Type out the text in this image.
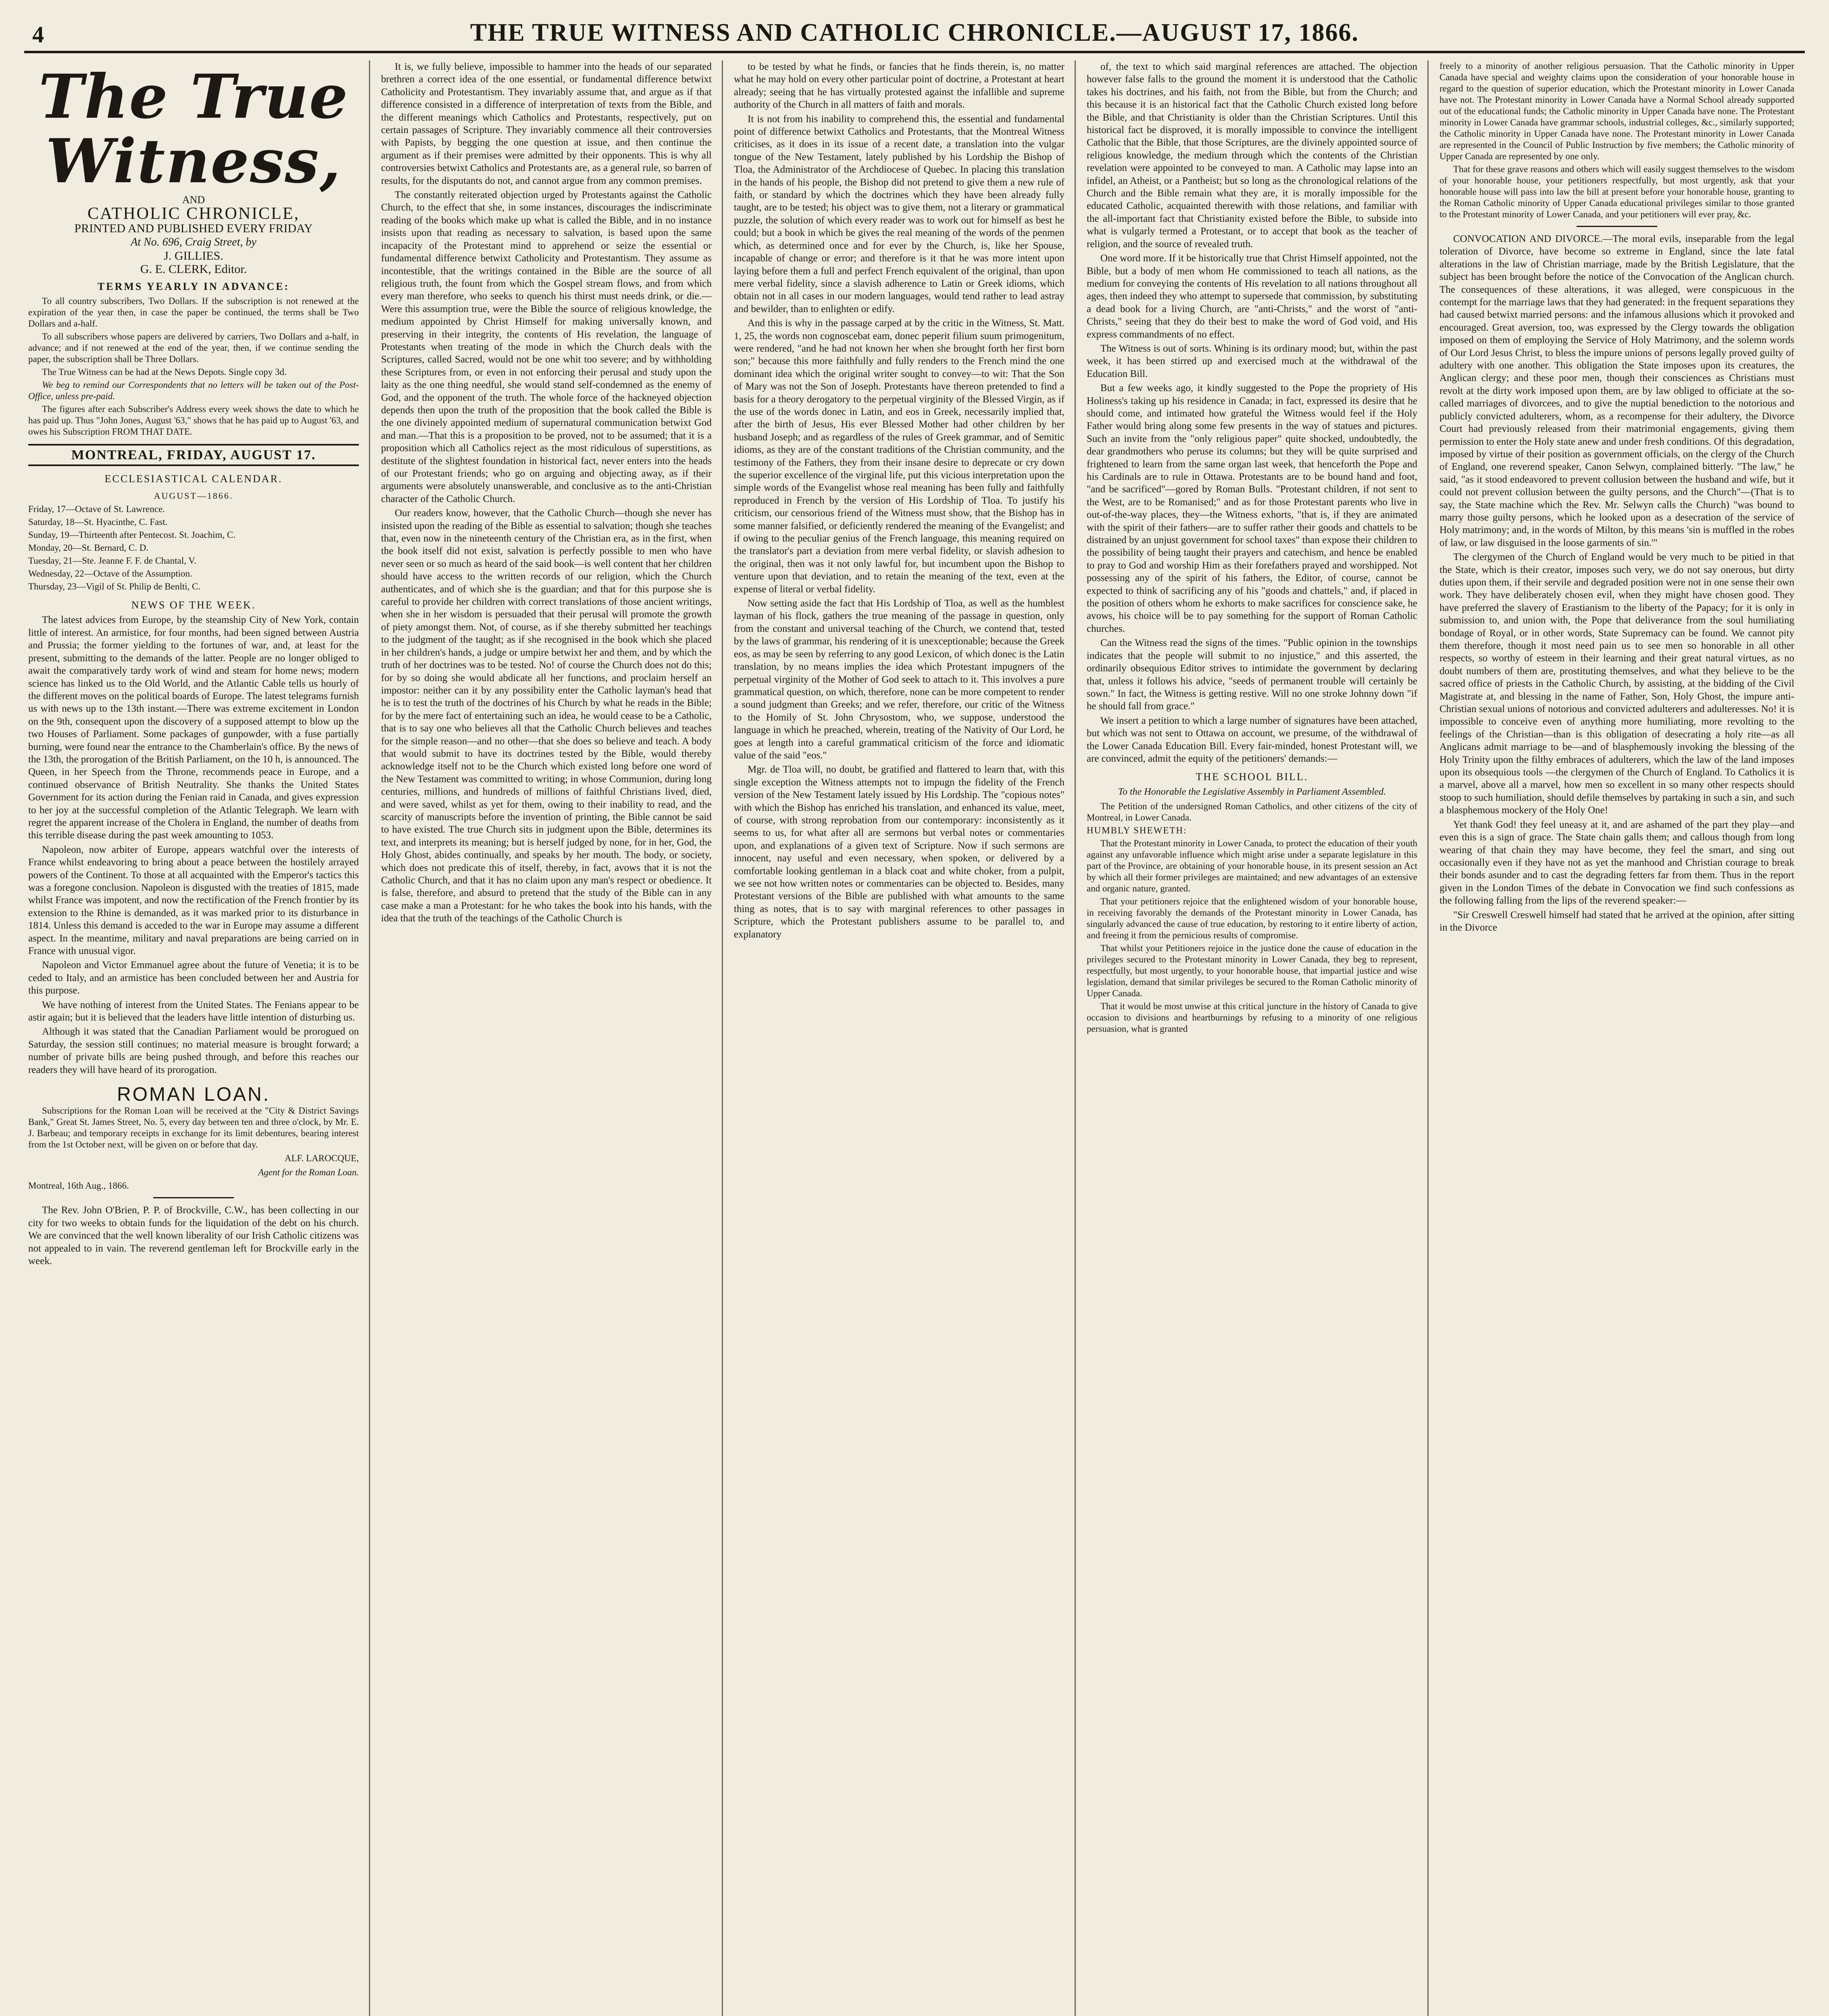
4	THE TRUE WITNESS AND CATHOLIC CHRONICLE.—AUGUST 17, 1866.
The True Witness,
AND
CATHOLIC CHRONICLE,
PRINTED AND PUBLISHED EVERY FRIDAY
At No. 696, Craig Street, by
J. GILLIES.
G. E. CLERK, Editor.
TERMS YEARLY IN ADVANCE:

To all country subscribers, Two Dollars. If the subscription is not renewed at the expiration of the year then, in case the paper be continued, the terms shall be Two Dollars and a-half.

To all subscribers whose papers are delivered by carriers, Two Dollars and a-half, in advance; and if not renewed at the end of the year, then, if we continue sending the paper, the subscription shall be Three Dollars.

The True Witness can be had at the News Depots. Single copy 3d.

We beg to remind our Correspondents that no letters will be taken out of the Post-Office, unless pre-paid.

The figures after each Subscriber's Address every week shows the date to which he has paid up. Thus "John Jones, August '63," shows that he has paid up to August '63, and owes his Subscription FROM THAT DATE.

MONTREAL, FRIDAY, AUGUST 17.
ECCLESIASTICAL CALENDAR.
AUGUST—1866.

Friday, 17—Octave of St. Lawrence.

Saturday, 18—St. Hyacinthe, C. Fast.

Sunday, 19—Thirteenth after Pentecost. St. Joachim, C.

Monday, 20—St. Bernard, C. D.

Tuesday, 21—Ste. Jeanne F. F. de Chantal, V.

Wednesday, 22—Octave of the Assumption.

Thursday, 23—Vigil of St. Philip de Benlti, C.

NEWS OF THE WEEK.

The latest advices from Europe, by the steamship City of New York, contain little of interest. An armistice, for four months, had been signed between Austria and Prussia; the former yielding to the fortunes of war, and, at least for the present, submitting to the demands of the latter. People are no longer obliged to await the comparatively tardy work of wind and steam for home news; modern science has linked us to the Old World, and the Atlantic Cable tells us hourly of the different moves on the political boards of Europe. The latest telegrams furnish us with news up to the 13th instant.—There was extreme excitement in London on the 9th, consequent upon the discovery of a supposed attempt to blow up the two Houses of Parliament. Some packages of gunpowder, with a fuse partially burning, were found near the entrance to the Chamberlain's office. By the news of the 13th, the prorogation of the British Parliament, on the 10 h, is announced. The Queen, in her Speech from the Throne, recommends peace in Europe, and a continued observance of British Neutrality. She thanks the United States Government for its action during the Fenian raid in Canada, and gives expression to her joy at the successful completion of the Atlantic Telegraph. We learn with regret the apparent increase of the Cholera in England, the number of deaths from this terrible disease during the past week amounting to 1053.

Napoleon, now arbiter of Europe, appears watchful over the interests of France whilst endeavoring to bring about a peace between the hostilely arrayed powers of the Continent. To those at all acquainted with the Emperor's tactics this was a foregone conclusion. Napoleon is disgusted with the treaties of 1815, made whilst France was impotent, and now the rectification of the French frontier by its extension to the Rhine is demanded, as it was marked prior to its disturbance in 1814. Unless this demand is acceded to the war in Europe may assume a different aspect. In the meantime, military and naval preparations are being carried on in France with unusual vigor.

Napoleon and Victor Emmanuel agree about the future of Venetia; it is to be ceded to Italy, and an armistice has been concluded between her and Austria for this purpose.

We have nothing of interest from the United States. The Fenians appear to be astir again; but it is believed that the leaders have little intention of disturbing us.

Although it was stated that the Canadian Parliament would be prorogued on Saturday, the session still continues; no material measure is brought forward; a number of private bills are being pushed through, and before this reaches our readers they will have heard of its prorogation.

ROMAN LOAN.

Subscriptions for the Roman Loan will be received at the "City & District Savings Bank," Great St. James Street, No. 5, every day between ten and three o'clock, by Mr. E. J. Barbeau; and temporary receipts in exchange for its limit debentures, bearing interest from the 1st October next, will be given on or before that day.

ALF. LAROCQUE,

Agent for the Roman Loan.

Montreal, 16th Aug., 1866.

The Rev. John O'Brien, P. P. of Brockville, C.W., has been collecting in our city for two weeks to obtain funds for the liquidation of the debt on his church. We are convinced that the well known liberality of our Irish Catholic citizens was not appealed to in vain. The reverend gentleman left for Brockville early in the week.

It is, we fully believe, impossible to hammer into the heads of our separated brethren a correct idea of the one essential, or fundamental difference betwixt Catholicity and Protestantism. They invariably assume that, and argue as if that difference consisted in a difference of interpretation of texts from the Bible, and the different meanings which Catholics and Protestants, respectively, put on certain passages of Scripture. They invariably commence all their controversies with Papists, by begging the one question at issue, and then continue the argument as if their premises were admitted by their opponents. This is why all controversies betwixt Catholics and Protestants are, as a general rule, so barren of results, for the disputants do not, and cannot argue from any common premises.

The constantly reiterated objection urged by Protestants against the Catholic Church, to the effect that she, in some instances, discourages the indiscriminate reading of the books which make up what is called the Bible, and in no instance insists upon that reading as necessary to salvation, is based upon the same incapacity of the Protestant mind to apprehend or seize the essential or fundamental difference betwixt Catholicity and Protestantism. They assume as incontestible, that the writings contained in the Bible are the source of all religious truth, the fount from which the Gospel stream flows, and from which every man therefore, who seeks to quench his thirst must needs drink, or die.—Were this assumption true, were the Bible the source of religious knowledge, the medium appointed by Christ Himself for making universally known, and preserving in their integrity, the contents of His revelation, the language of Protestants when treating of the mode in which the Church deals with the Scriptures, called Sacred, would not be one whit too severe; and by withholding these Scriptures from, or even in not enforcing their perusal and study upon the laity as the one thing needful, she would stand self-condemned as the enemy of God, and the opponent of the truth. The whole force of the hackneyed objection depends then upon the truth of the proposition that the book called the Bible is the one divinely appointed medium of supernatural communication betwixt God and man.—That this is a proposition to be proved, not to be assumed; that it is a proposition which all Catholics reject as the most ridiculous of superstitions, as destitute of the slightest foundation in historical fact, never enters into the heads of our Protestant friends; who go on arguing and objecting away, as if their arguments were absolutely unanswerable, and conclusive as to the anti-Christian character of the Catholic Church.

Our readers know, however, that the Catholic Church—though she never has insisted upon the reading of the Bible as essential to salvation; though she teaches that, even now in the nineteenth century of the Christian era, as in the first, when the book itself did not exist, salvation is perfectly possible to men who have never seen or so much as heard of the said book—is well content that her children should have access to the written records of our religion, which the Church authenticates, and of which she is the guardian; and that for this purpose she is careful to provide her children with correct translations of those ancient writings, when she in her wisdom is persuaded that their perusal will promote the growth of piety amongst them. Not, of course, as if she thereby submitted her teachings to the judgment of the taught; as if she recognised in the book which she placed in her children's hands, a judge or umpire betwixt her and them, and by which the truth of her doctrines was to be tested. No! of course the Church does not do this; for by so doing she would abdicate all her functions, and proclaim herself an impostor: neither can it by any possibility enter the Catholic layman's head that he is to test the truth of the doctrines of his Church by what he reads in the Bible; for by the mere fact of entertaining such an idea, he would cease to be a Catholic, that is to say one who believes all that the Catholic Church believes and teaches for the simple reason—and no other—that she does so believe and teach. A body that would submit to have its doctrines tested by the Bible, would thereby acknowledge itself not to be the Church which existed long before one word of the New Testament was committed to writing; in whose Communion, during long centuries, millions, and hundreds of millions of faithful Christians lived, died, and were saved, whilst as yet for them, owing to their inability to read, and the scarcity of manuscripts before the invention of printing, the Bible cannot be said to have existed. The true Church sits in judgment upon the Bible, determines its text, and interprets its meaning; but is herself judged by none, for in her, God, the Holy Ghost, abides continually, and speaks by her mouth. The body, or society, which does not predicate this of itself, thereby, in fact, avows that it is not the Catholic Church, and that it has no claim upon any man's respect or obedience. It is false, therefore, and absurd to pretend that the study of the Bible can in any case make a man a Protestant: for he who takes the book into his hands, with the idea that the truth of the teachings of the Catholic Church is

to be tested by what he finds, or fancies that he finds therein, is, no matter what he may hold on every other particular point of doctrine, a Protestant at heart already; seeing that he has virtually protested against the infallible and supreme authority of the Church in all matters of faith and morals.

It is not from his inability to comprehend this, the essential and fundamental point of difference betwixt Catholics and Protestants, that the Montreal Witness criticises, as it does in its issue of a recent date, a translation into the vulgar tongue of the New Testament, lately published by his Lordship the Bishop of Tloa, the Administrator of the Archdiocese of Quebec. In placing this translation in the hands of his people, the Bishop did not pretend to give them a new rule of faith, or standard by which the doctrines which they have been already fully taught, are to be tested; his object was to give them, not a literary or grammatical puzzle, the solution of which every reader was to work out for himself as best he could; but a book in which be gives the real meaning of the words of the penmen which, as determined once and for ever by the Church, is, like her Spouse, incapable of change or error; and therefore is it that he was more intent upon laying before them a full and perfect French equivalent of the original, than upon mere verbal fidelity, since a slavish adherence to Latin or Greek idioms, which obtain not in all cases in our modern languages, would tend rather to lead astray and bewilder, than to enlighten or edify.

And this is why in the passage carped at by the critic in the Witness, St. Matt. 1, 25, the words non cognoscebat eam, donec peperit filium suum primogenitum, were rendered, "and he had not known her when she brought forth her first born son;" because this more faithfully and fully renders to the French mind the one dominant idea which the original writer sought to convey—to wit: That the Son of Mary was not the Son of Joseph. Protestants have thereon pretended to find a basis for a theory derogatory to the perpetual virginity of the Blessed Virgin, as if the use of the words donec in Latin, and eos in Greek, necessarily implied that, after the birth of Jesus, His ever Blessed Mother had other children by her husband Joseph; and as regardless of the rules of Greek grammar, and of Semitic idioms, as they are of the constant traditions of the Christian community, and the testimony of the Fathers, they from their insane desire to deprecate or cry down the superior excellence of the virginal life, put this vicious interpretation upon the simple words of the Evangelist whose real meaning has been fully and faithfully reproduced in French by the version of His Lordship of Tloa. To justify his criticism, our censorious friend of the Witness must show, that the Bishop has in some manner falsified, or deficiently rendered the meaning of the Evangelist; and if owing to the peculiar genius of the French language, this meaning required on the translator's part a deviation from mere verbal fidelity, or slavish adhesion to the original, then was it not only lawful for, but incumbent upon the Bishop to venture upon that deviation, and to retain the meaning of the text, even at the expense of literal or verbal fidelity.

Now setting aside the fact that His Lordship of Tloa, as well as the humblest layman of his flock, gathers the true meaning of the passage in question, only from the constant and universal teaching of the Church, we contend that, tested by the laws of grammar, his rendering of it is unexceptionable; because the Greek eos, as may be seen by referring to any good Lexicon, of which donec is the Latin translation, by no means implies the idea which Protestant impugners of the perpetual virginity of the Mother of God seek to attach to it. This involves a pure grammatical question, on which, therefore, none can be more competent to render a sound judgment than Greeks; and we refer, therefore, our critic of the Witness to the Homily of St. John Chrysostom, who, we suppose, understood the language in which he preached, wherein, treating of the Nativity of Our Lord, he goes at length into a careful grammatical criticism of the force and idiomatic value of the said "eos."

Mgr. de Tloa will, no doubt, be gratified and flattered to learn that, with this single exception the Witness attempts not to impugn the fidelity of the French version of the New Testament lately issued by His Lordship. The "copious notes" with which the Bishop has enriched his translation, and enhanced its value, meet, of course, with strong reprobation from our contemporary: inconsistently as it seems to us, for what after all are sermons but verbal notes or commentaries upon, and explanations of a given text of Scripture. Now if such sermons are innocent, nay useful and even necessary, when spoken, or delivered by a comfortable looking gentleman in a black coat and white choker, from a pulpit, we see not how written notes or commentaries can be objected to. Besides, many Protestant versions of the Bible are published with what amounts to the same thing as notes, that is to say with marginal references to other passages in Scripture, which the Protestant publishers assume to be parallel to, and explanatory

of, the text to which said marginal references are attached. The objection however false falls to the ground the moment it is understood that the Catholic takes his doctrines, and his faith, not from the Bible, but from the Church; and this because it is an historical fact that the Catholic Church existed long before the Bible, and that Christianity is older than the Christian Scriptures. Until this historical fact be disproved, it is morally impossible to convince the intelligent Catholic that the Bible, that those Scriptures, are the divinely appointed source of religious knowledge, the medium through which the contents of the Christian revelation were appointed to be conveyed to man. A Catholic may lapse into an infidel, an Atheist, or a Pantheist; but so long as the chronological relations of the Church and the Bible remain what they are, it is morally impossible for the educated Catholic, acquainted therewith with those relations, and familiar with the all-important fact that Christianity existed before the Bible, to subside into what is vulgarly termed a Protestant, or to accept that book as the teacher of religion, and the source of revealed truth.

One word more. If it be historically true that Christ Himself appointed, not the Bible, but a body of men whom He commissioned to teach all nations, as the medium for conveying the contents of His revelation to all nations throughout all ages, then indeed they who attempt to supersede that commission, by substituting a dead book for a living Church, are "anti-Christs," and the worst of "anti-Christs," seeing that they do their best to make the word of God void, and His express commandments of no effect.

The Witness is out of sorts. Whining is its ordinary mood; but, within the past week, it has been stirred up and exercised much at the withdrawal of the Education Bill.

But a few weeks ago, it kindly suggested to the Pope the propriety of His Holiness's taking up his residence in Canada; in fact, expressed its desire that he should come, and intimated how grateful the Witness would feel if the Holy Father would bring along some few presents in the way of statues and pictures. Such an invite from the "only religious paper" quite shocked, undoubtedly, the dear grandmothers who peruse its columns; but they will be quite surprised and frightened to learn from the same organ last week, that henceforth the Pope and his Cardinals are to rule in Ottawa. Protestants are to be bound hand and foot, "and be sacrificed"—gored by Roman Bulls. "Protestant children, if not sent to the West, are to be Romanised;" and as for those Protestant parents who live in out-of-the-way places, they—the Witness exhorts, "that is, if they are animated with the spirit of their fathers—are to suffer rather their goods and chattels to be distrained by an unjust government for school taxes" than expose their children to the possibility of being taught their prayers and catechism, and hence be enabled to pray to God and worship Him as their forefathers prayed and worshipped. Not possessing any of the spirit of his fathers, the Editor, of course, cannot be expected to think of sacrificing any of his "goods and chattels," and, if placed in the position of others whom he exhorts to make sacrifices for conscience sake, he avows, his choice will be to pay something for the support of Roman Catholic churches.

Can the Witness read the signs of the times. "Public opinion in the townships indicates that the people will submit to no injustice," and this asserted, the ordinarily obsequious Editor strives to intimidate the government by declaring that, unless it follows his advice, "seeds of permanent trouble will certainly be sown." In fact, the Witness is getting restive. Will no one stroke Johnny down "if he should fall from grace."

We insert a petition to which a large number of signatures have been attached, but which was not sent to Ottawa on account, we presume, of the withdrawal of the Lower Canada Education Bill. Every fair-minded, honest Protestant will, we are convinced, admit the equity of the petitioners' demands:—

THE SCHOOL BILL.
To the Honorable the Legislative Assembly in Parliament Assembled.

The Petition of the undersigned Roman Catholics, and other citizens of the city of Montreal, in Lower Canada.

HUMBLY SHEWETH:

That the Protestant minority in Lower Canada, to protect the education of their youth against any unfavorable influence which might arise under a separate legislature in this part of the Province, are obtaining of your honorable house, in its present session an Act by which all their former privileges are maintained; and new advantages of an extensive and organic nature, granted.

That your petitioners rejoice that the enlightened wisdom of your honorable house, in receiving favorably the demands of the Protestant minority in Lower Canada, has singularly advanced the cause of true education, by restoring to it entire liberty of action, and freeing it from the pernicious results of compromise.

That whilst your Petitioners rejoice in the justice done the cause of education in the privileges secured to the Protestant minority in Lower Canada, they beg to represent, respectfully, but most urgently, to your honorable house, that impartial justice and wise legislation, demand that similar privileges be secured to the Roman Catholic minority of Upper Canada.

That it would be most unwise at this critical juncture in the history of Canada to give occasion to divisions and heartburnings by refusing to a minority of one religious persuasion, what is granted

freely to a minority of another religious persuasion. That the Catholic minority in Upper Canada have special and weighty claims upon the consideration of your honorable house in regard to the question of superior education, which the Protestant minority in Lower Canada have not. The Protestant minority in Lower Canada have a Normal School already supported out of the educational funds; the Catholic minority in Upper Canada have none. The Protestant minority in Lower Canada have grammar schools, industrial colleges, &c., similarly supported; the Catholic minority in Upper Canada have none. The Protestant minority in Lower Canada are represented in the Council of Public Instruction by five members; the Catholic minority of Upper Canada are represented by one only.

That for these grave reasons and others which will easily suggest themselves to the wisdom of your honorable house, your petitioners respectfully, but most urgently, ask that your honorable house will pass into law the bill at present before your honorable house, granting to the Roman Catholic minority of Upper Canada educational privileges similar to those granted to the Protestant minority of Lower Canada, and your petitioners will ever pray, &c.

CONVOCATION AND DIVORCE.—The moral evils, inseparable from the legal toleration of Divorce, have become so extreme in England, since the late fatal alterations in the law of Christian marriage, made by the British Legislature, that the subject has been brought before the notice of the Convocation of the Anglican church. The consequences of these alterations, it was alleged, were conspicuous in the contempt for the marriage laws that they had generated: in the frequent separations they had caused betwixt married persons: and the infamous allusions which it provoked and encouraged. Great aversion, too, was expressed by the Clergy towards the obligation imposed on them of employing the Service of Holy Matrimony, and the solemn words of Our Lord Jesus Christ, to bless the impure unions of persons legally proved guilty of adultery with one another. This obligation the State imposes upon its creatures, the Anglican clergy; and these poor men, though their consciences as Christians must revolt at the dirty work imposed upon them, are by law obliged to officiate at the so-called marriages of divorcees, and to give the nuptial benediction to the notorious and publicly convicted adulterers, whom, as a recompense for their adultery, the Divorce Court had previously released from their matrimonial engagements, giving them permission to enter the Holy state anew and under fresh conditions. Of this degradation, imposed by virtue of their position as government officials, on the clergy of the Church of England, one reverend speaker, Canon Selwyn, complained bitterly. "The law," he said, "as it stood endeavored to prevent collusion between the husband and wife, but it could not prevent collusion between the guilty persons, and the Church"—(That is to say, the State machine which the Rev. Mr. Selwyn calls the Church) "was bound to marry those guilty persons, which he looked upon as a desecration of the service of Holy matrimony; and, in the words of Milton, by this means 'sin is muffled in the robes of law, or law disguised in the loose garments of sin.'"

The clergymen of the Church of England would be very much to be pitied in that the State, which is their creator, imposes such very, we do not say onerous, but dirty duties upon them, if their servile and degraded position were not in one sense their own work. They have deliberately chosen evil, when they might have chosen good. They have preferred the slavery of Erastianism to the liberty of the Papacy; for it is only in submission to, and union with, the Pope that deliverance from the soul humiliating bondage of Royal, or in other words, State Supremacy can be found. We cannot pity them therefore, though it most need pain us to see men so honorable in all other respects, so worthy of esteem in their learning and their great natural virtues, as no doubt numbers of them are, prostituting themselves, and what they believe to be the sacred office of priests in the Catholic Church, by assisting, at the bidding of the Civil Magistrate at, and blessing in the name of Father, Son, Holy Ghost, the impure anti-Christian sexual unions of notorious and convicted adulterers and adulteresses. No! it is impossible to conceive even of anything more humiliating, more revolting to the feelings of the Christian—than is this obligation of desecrating a holy rite—as all Anglicans admit marriage to be—and of blasphemously invoking the blessing of the Holy Trinity upon the filthy embraces of adulterers, which the law of the land imposes upon its obsequious tools —the clergymen of the Church of England. To Catholics it is a marvel, above all a marvel, how men so excellent in so many other respects should stoop to such humiliation, should defile themselves by partaking in such a sin, and such a blasphemous mockery of the Holy One!

Yet thank God! they feel uneasy at it, and are ashamed of the part they play—and even this is a sign of grace. The State chain galls them; and callous though from long wearing of that chain they may have become, they feel the smart, and sing out occasionally even if they have not as yet the manhood and Christian courage to break their bonds asunder and to cast the degrading fetters far from them. Thus in the report given in the London Times of the debate in Convocation we find such confessions as the following falling from the lips of the reverend speaker:—

"Sir Creswell Creswell himself had stated that he arrived at the opinion, after sitting in the Divorce
